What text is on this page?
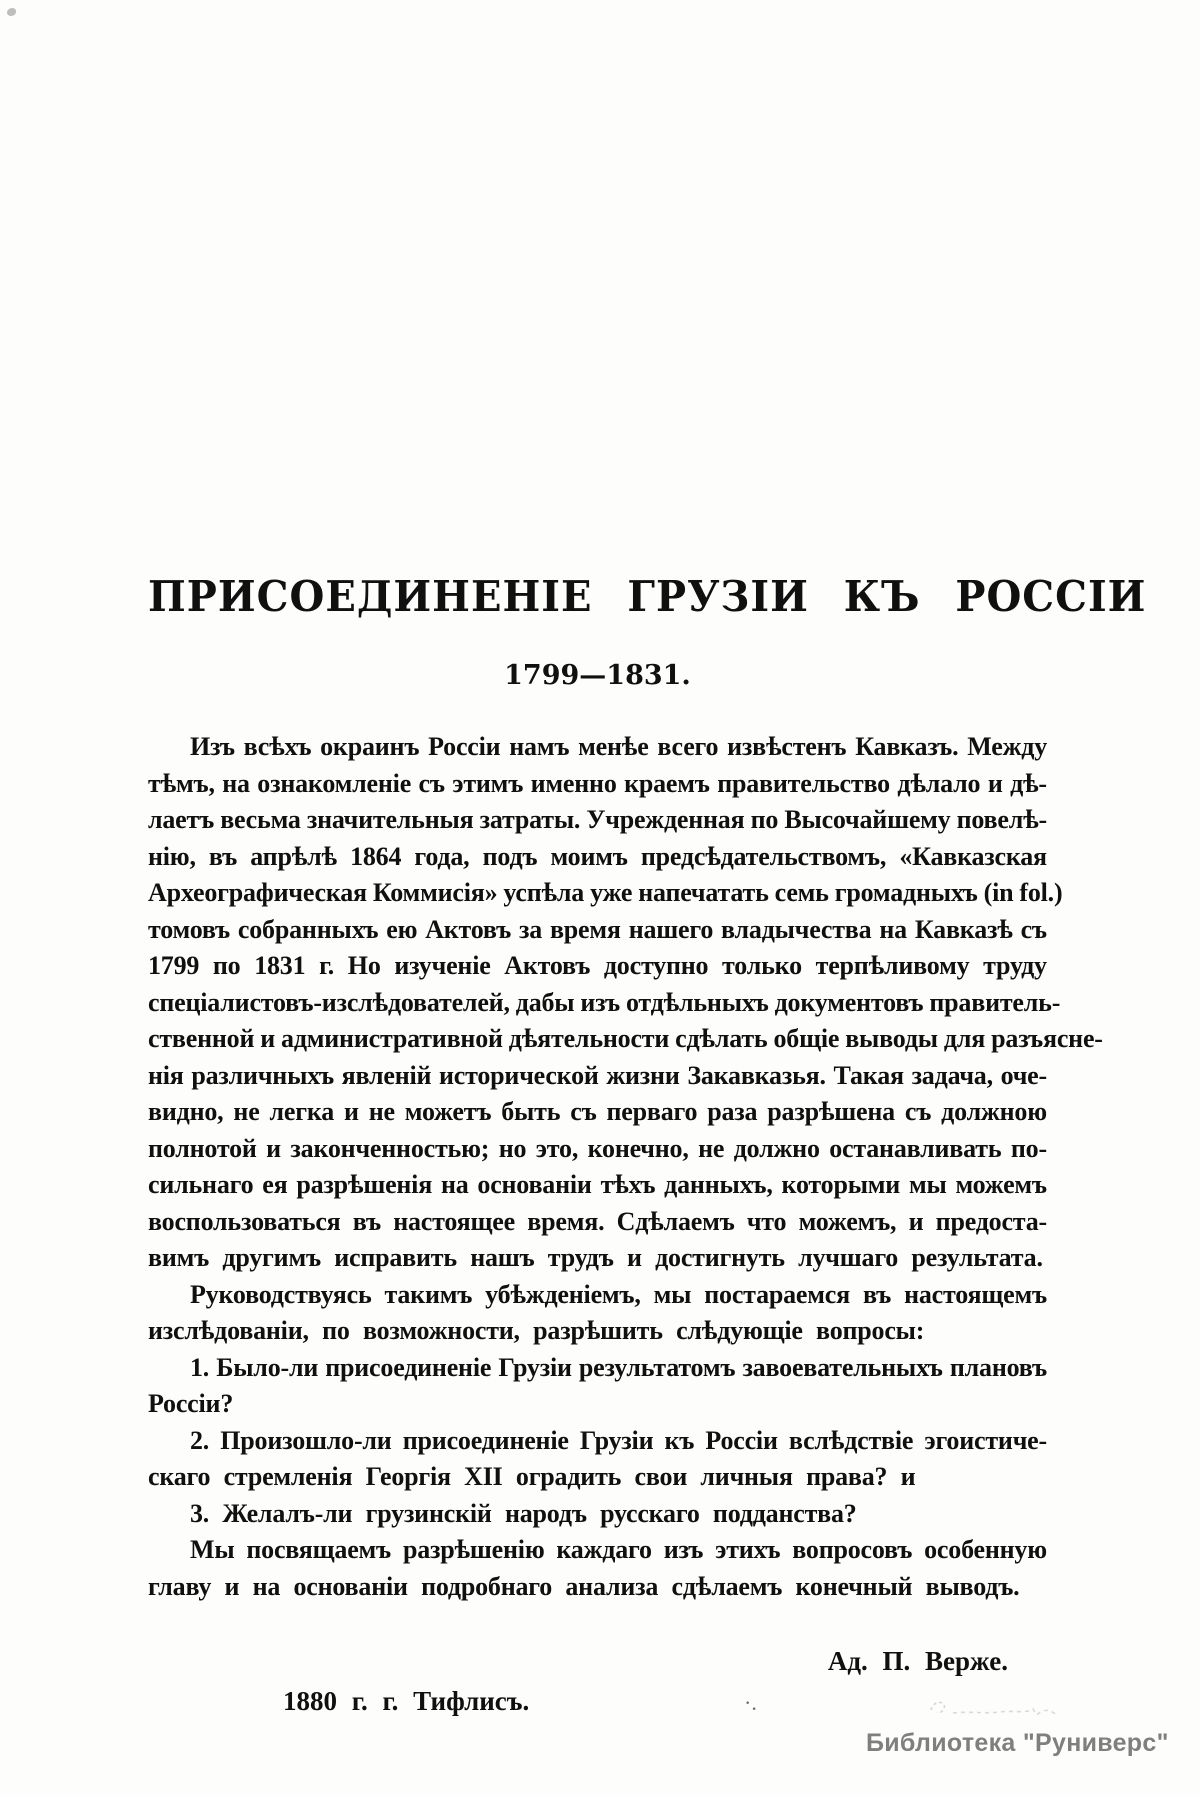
ПРИСОЕДИНЕНІЕ ГРУЗІИ КЪ РОССІИ
1799—1831.
Изъ всѣхъ окраинъ Россіи намъ менѣе всего извѣстенъ Кавказъ. Между
тѣмъ, на ознакомленіе съ этимъ именно краемъ правительство дѣлало и дѣ-
лаетъ весьма значительныя затраты. Учрежденная по Высочайшему повелѣ-
нію, въ апрѣлѣ 1864 года, подъ моимъ предсѣдательствомъ, «Кавказская
Археографическая Коммисія» успѣла уже напечатать семь громадныхъ (in fol.)
томовъ собранныхъ ею Актовъ за время нашего владычества на Кавказѣ съ
1799 по 1831 г. Но изученіе Актовъ доступно только терпѣливому труду
спеціалистовъ-изслѣдователей, дабы изъ отдѣльныхъ документовъ правитель-
ственной и административной дѣятельности сдѣлать общіе выводы для разъясне-
нія различныхъ явленій исторической жизни Закавказья. Такая задача, оче-
видно, не легка и не можетъ быть съ перваго раза разрѣшена съ должною
полнотой и законченностью; но это, конечно, не должно останавливать по-
сильнаго ея разрѣшенія на основаніи тѣхъ данныхъ, которыми мы можемъ
воспользоваться въ настоящее время. Сдѣлаемъ что можемъ, и предоста-
вимъ другимъ исправить нашъ трудъ и достигнуть лучшаго результата.
Руководствуясь такимъ убѣжденіемъ, мы постараемся въ настоящемъ
изслѣдованіи, по возможности, разрѣшить слѣдующіе вопросы:
1. Было-ли присоединеніе Грузіи результатомъ завоевательныхъ плановъ
Россіи?
2. Произошло-ли присоединеніе Грузіи къ Россіи вслѣдствіе эгоистиче-
скаго стремленія Георгія XII оградить свои личныя права? и
3. Желалъ-ли грузинскій народъ русскаго подданства?
Мы посвящаемъ разрѣшенію каждаго изъ этихъ вопросовъ особенную
главу и на основаніи подробнаго анализа сдѣлаемъ конечный выводъ.
Ад. П. Верже.
1880 г. г. Тифлисъ.	·.
Библиотека "Руниверс"
